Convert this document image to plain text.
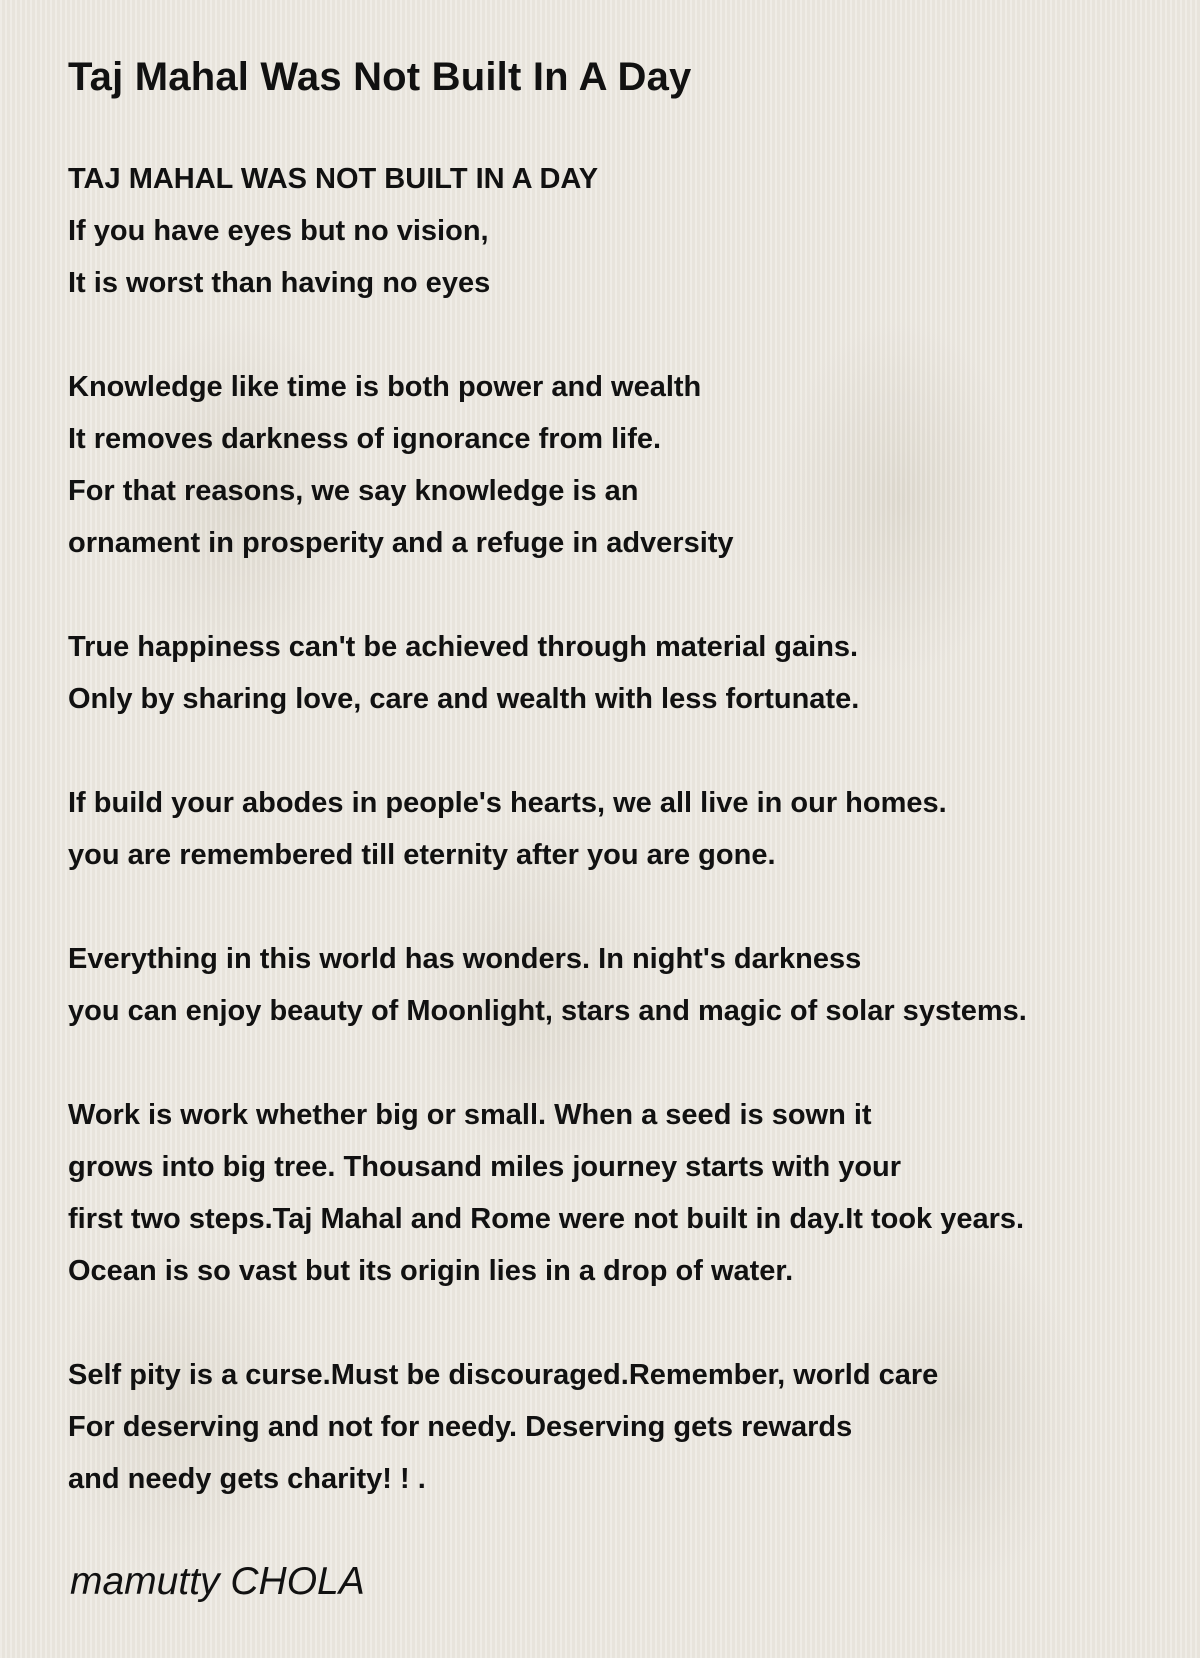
Taj Mahal Was Not Built In A Day
TAJ MAHAL WAS NOT BUILT IN A DAY
If you have eyes but no vision,
It is worst than having no eyes
Knowledge like time is both power and wealth
It removes darkness of ignorance from life.
For that reasons, we say knowledge is an
ornament in prosperity and a refuge in adversity
True happiness can't be achieved through material gains.
Only by sharing love, care and wealth with less fortunate.
If build your abodes in people's hearts, we all live in our homes.
you are remembered till eternity after you are gone.
Everything in this world has wonders. In night's darkness
you can enjoy beauty of Moonlight, stars and magic of solar systems.
Work is work whether big or small. When a seed is sown it
grows into big tree. Thousand miles journey starts with your
first two steps.Taj Mahal and Rome were not built in day.It took years.
Ocean is so vast but its origin lies in a drop of water.
Self pity is a curse.Must be discouraged.Remember, world care
For deserving and not for needy. Deserving gets rewards
and needy gets charity! ! .
mamutty CHOLA
